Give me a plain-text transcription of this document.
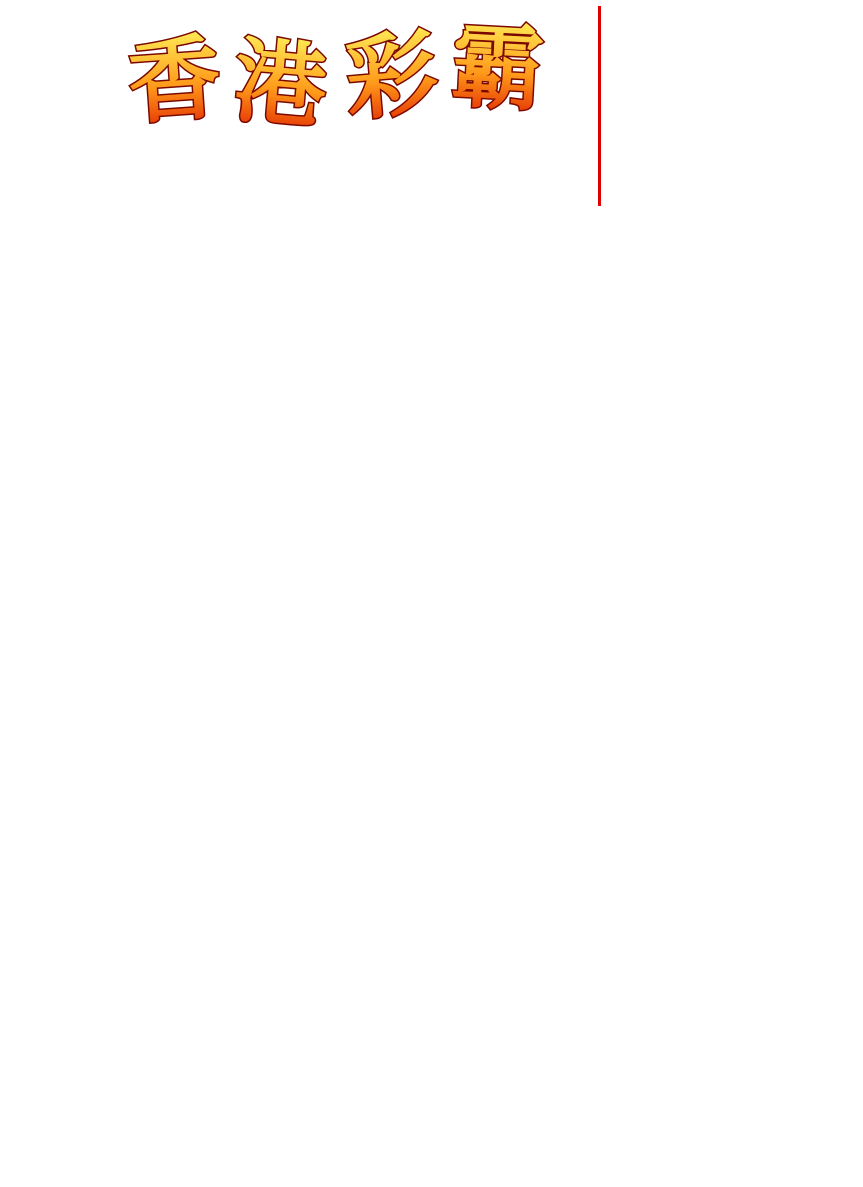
香 港 彩 霸
